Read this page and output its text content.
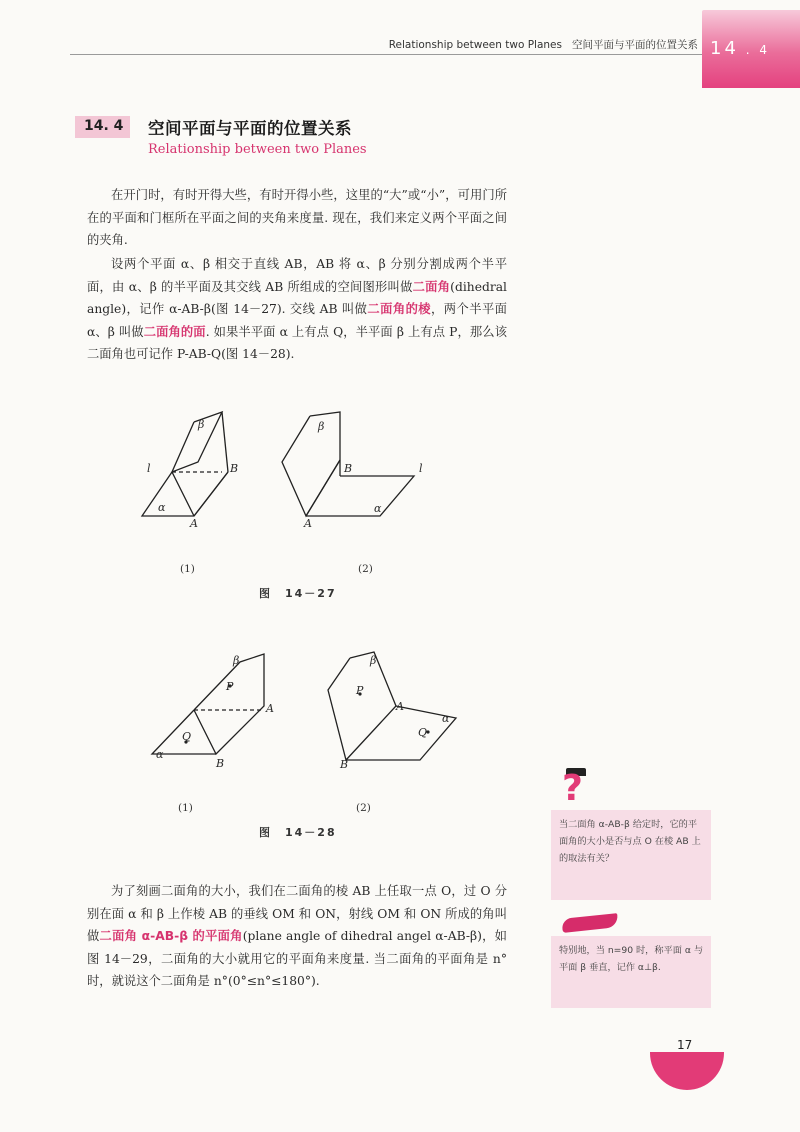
Relationship between two Planes 空间平面与平面的位置关系 14 . 4
14. 4 空间平面与平面的位置关系
Relationship between two Planes
在开门时，有时开得大些，有时开得小些，这里的“大”或“小”，可用门所在的平面和门框所在平面之间的夹角来度量. 现在，我们来定义两个平面之间的夹角.
设两个平面 α、β 相交于直线 AB，AB 将 α、β 分别分割成两个半平面，由 α、β 的半平面及其交线 AB 所组成的空间图形叫做二面角(dihedral angle)，记作 α-AB-β(图 14－27). 交线 AB 叫做二面角的棱，两个半平面 α、β 叫做二面角的面. 如果半平面 α 上有点 Q，半平面 β 上有点 P，那么该二面角也可记作 P-AB-Q(图 14－28).
β
l	B
α
A
β
B	l
α
A
(1)	(2)
图　14－27
β
P
A
Q
α
B
β
P
A
α
Q
B
(1)	(2)
图　14－28
为了刻画二面角的大小，我们在二面角的棱 AB 上任取一点 O，过 O 分别在面 α 和 β 上作棱 AB 的垂线 OM 和 ON，射线 OM 和 ON 所成的角叫做二面角 α-AB-β 的平面角(plane angle of dihedral angel α-AB-β)，如图 14－29，二面角的大小就用它的平面角来度量. 当二面角的平面角是 n°时，就说这个二面角是 n°(0°≤n°≤180°).
?
当二面角 α-AB-β 给定时，它的平面角的大小是否与点 O 在棱 AB 上的取法有关？
特别地，当 n=90 时，称平面 α 与平面 β 垂直，记作 α⊥β.
17
